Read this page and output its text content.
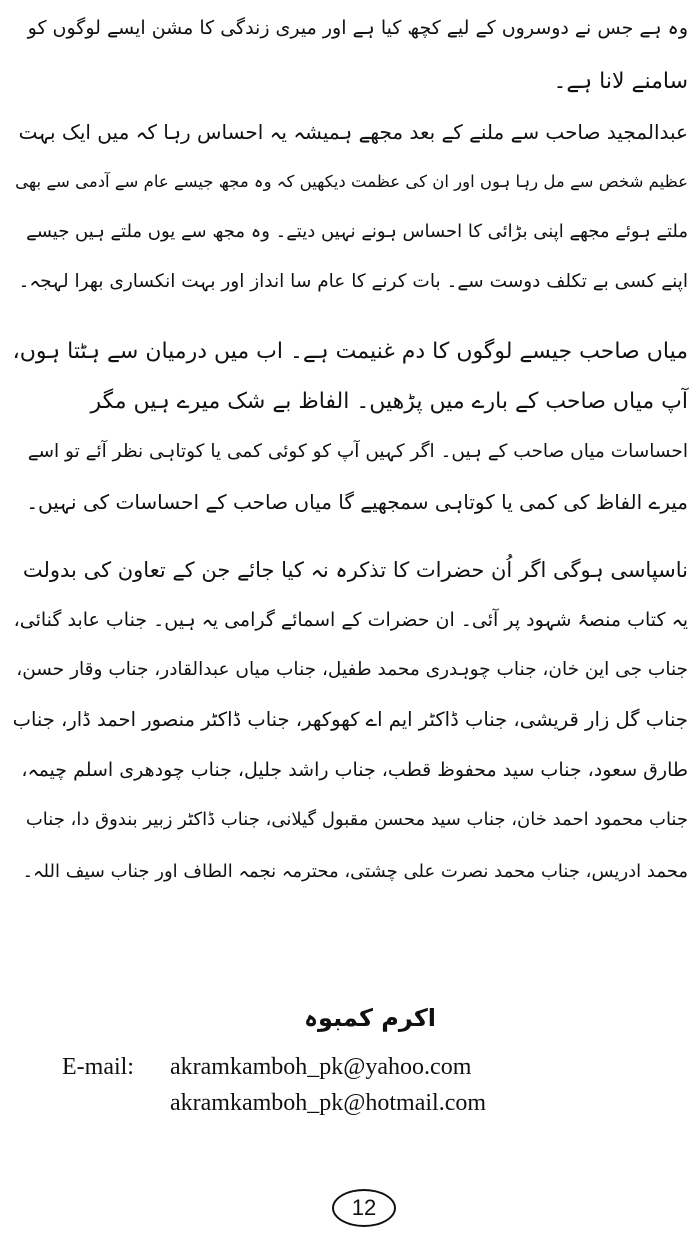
وہ ہے جس نے دوسروں کے لیے کچھ کیا ہے اور میری زندگی کا مشن ایسے لوگوں کو
سامنے لانا ہے۔
عبدالمجید صاحب سے ملنے کے بعد مجھے ہمیشہ یہ احساس رہا کہ میں ایک بہت
عظیم شخص سے مل رہا ہوں اور ان کی عظمت دیکھیں کہ وہ مجھ جیسے عام سے آدمی سے بھی
ملتے ہوئے مجھے اپنی بڑائی کا احساس ہونے نہیں دیتے۔ وہ مجھ سے یوں ملتے ہیں جیسے
اپنے کسی بے تکلف دوست سے۔ بات کرنے کا عام سا انداز اور بہت انکساری بھرا لہجہ۔
میاں صاحب جیسے لوگوں کا دم غنیمت ہے۔ اب میں درمیان سے ہٹتا ہوں،
آپ میاں صاحب کے بارے میں پڑھیں۔ الفاظ بے شک میرے ہیں مگر
احساسات میاں صاحب کے ہیں۔ اگر کہیں آپ کو کوئی کمی یا کوتاہی نظر آئے تو اسے
میرے الفاظ کی کمی یا کوتاہی سمجھیے گا میاں صاحب کے احساسات کی نہیں۔
ناسپاسی ہوگی اگر اُن حضرات کا تذکرہ نہ کیا جائے جن کے تعاون کی بدولت
یہ کتاب منصۂ شہود پر آئی۔ ان حضرات کے اسمائے گرامی یہ ہیں۔ جناب عابد گنائی،
جناب جی این خان، جناب چوہدری محمد طفیل، جناب میاں عبدالقادر، جناب وقار حسن،
جناب گل زار قریشی، جناب ڈاکٹر ایم اے کھوکھر، جناب ڈاکٹر منصور احمد ڈار، جناب
طارق سعود، جناب سید محفوظ قطب، جناب راشد جلیل، جناب چودھری اسلم چیمہ،
جناب محمود احمد خان، جناب سید محسن مقبول گیلانی، جناب ڈاکٹر زبیر بندوق دا، جناب
محمد ادریس، جناب محمد نصرت علی چشتی، محترمہ نجمہ الطاف اور جناب سیف اللہ۔
اکرم کمبوہ
E-mail: akramkamboh_pk@yahoo.com
akramkamboh_pk@hotmail.com
12
